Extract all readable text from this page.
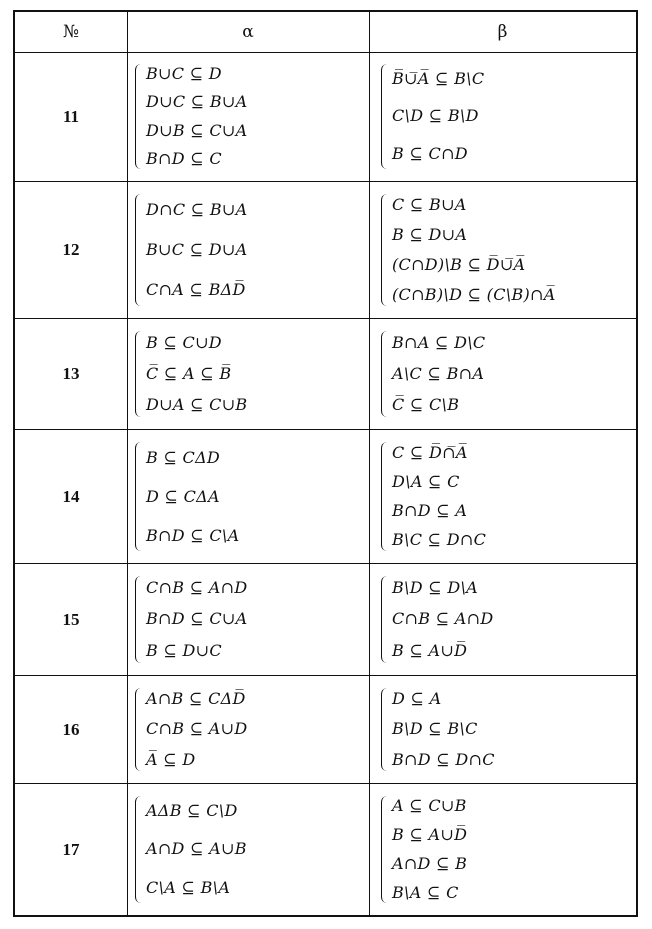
№	α	β
11
B∪C ⊆ D
D∪C ⊆ B∪A
D∪B ⊆ C∪A
B∩D ⊆ C
B̅∪̅A̅ ⊆ B\C
C\D ⊆ B\D
B ⊆ C∩D
12
D∩C ⊆ B∪A
B∪C ⊆ D∪A
C∩A ⊆ BΔD̅
C ⊆ B∪A
B ⊆ D∪A
(C∩D)\B ⊆ D̅∪̅A̅
(C∩B)\D ⊆ (C\B)∩A̅
13
B ⊆ C∪D
C̅ ⊆ A ⊆ B̅
D∪A ⊆ C∪B
B∩A ⊆ D\C
A\C ⊆ B∩A
C̅ ⊆ C\B
14
B ⊆ CΔD
D ⊆ CΔA
B∩D ⊆ C\A
C ⊆ D̅∩̅A̅
D\A ⊆ C
B∩D ⊆ A
B\C ⊆ D∩C
15
C∩B ⊆ A∩D
B∩D ⊆ C∪A
B ⊆ D∪C
B\D ⊆ D\A
C∩B ⊆ A∩D
B ⊆ A∪D̅
16
A∩B ⊆ CΔD̅
C∩B ⊆ A∪D
A̅ ⊆ D
D ⊆ A
B\D ⊆ B\C
B∩D ⊆ D∩C
17
AΔB ⊆ C\D
A∩D ⊆ A∪B
C\A ⊆ B\A
A ⊆ C∪B
B ⊆ A∪D̅
A∩D ⊆ B
B\A ⊆ C
